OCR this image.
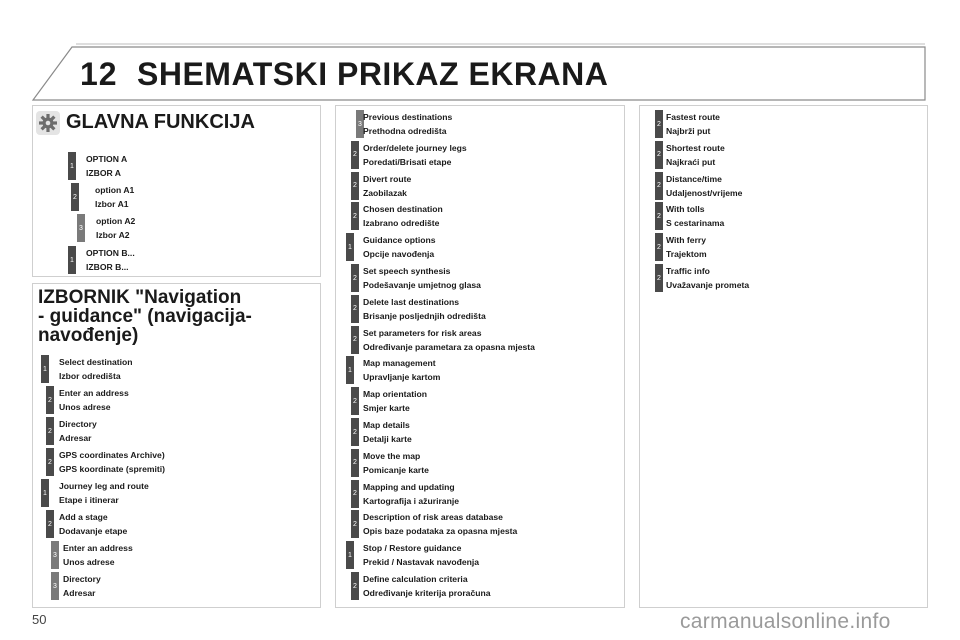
12 SHEMATSKI PRIKAZ EKRANA
GLAVNA FUNKCIJA
1
OPTION A
IZBOR A
2
option A1
Izbor A1
3
option A2
Izbor A2
1
OPTION B...
IZBOR B...
IZBORNIK "Navigation
- guidance" (navigacija-
navođenje)
1
Select destination
Izbor odredišta
2
Enter an address
Unos adrese
2
Directory
Adresar
2
GPS coordinates Archive)
GPS koordinate (spremiti)
1
Journey leg and route
Etape i itinerar
2
Add a stage
Dodavanje etape
3
Enter an address
Unos adrese
3
Directory
Adresar
3
Previous destinations
Prethodna odredišta
2
Order/delete journey legs
Poredati/Brisati etape
2
Divert route
Zaobilazak
2
Chosen destination
Izabrano odredište
1
Guidance options
Opcije navođenja
2
Set speech synthesis
Podešavanje umjetnog glasa
2
Delete last destinations
Brisanje posljednjih odredišta
2
Set parameters for risk areas
Određivanje parametara za opasna mjesta
1
Map management
Upravljanje kartom
2
Map orientation
Smjer karte
2
Map details
Detalji karte
2
Move the map
Pomicanje karte
2
Mapping and updating
Kartografija i ažuriranje
2
Description of risk areas database
Opis baze podataka za opasna mjesta
1
Stop / Restore guidance
Prekid / Nastavak navođenja
2
Define calculation criteria
Određivanje kriterija proračuna
2
Fastest route
Najbrži put
2
Shortest route
Najkraći put
2
Distance/time
Udaljenost/vrijeme
2
With tolls
S cestarinama
2
With ferry
Trajektom
2
Traffic info
Uvažavanje prometa
50	carmanualsonline.info
